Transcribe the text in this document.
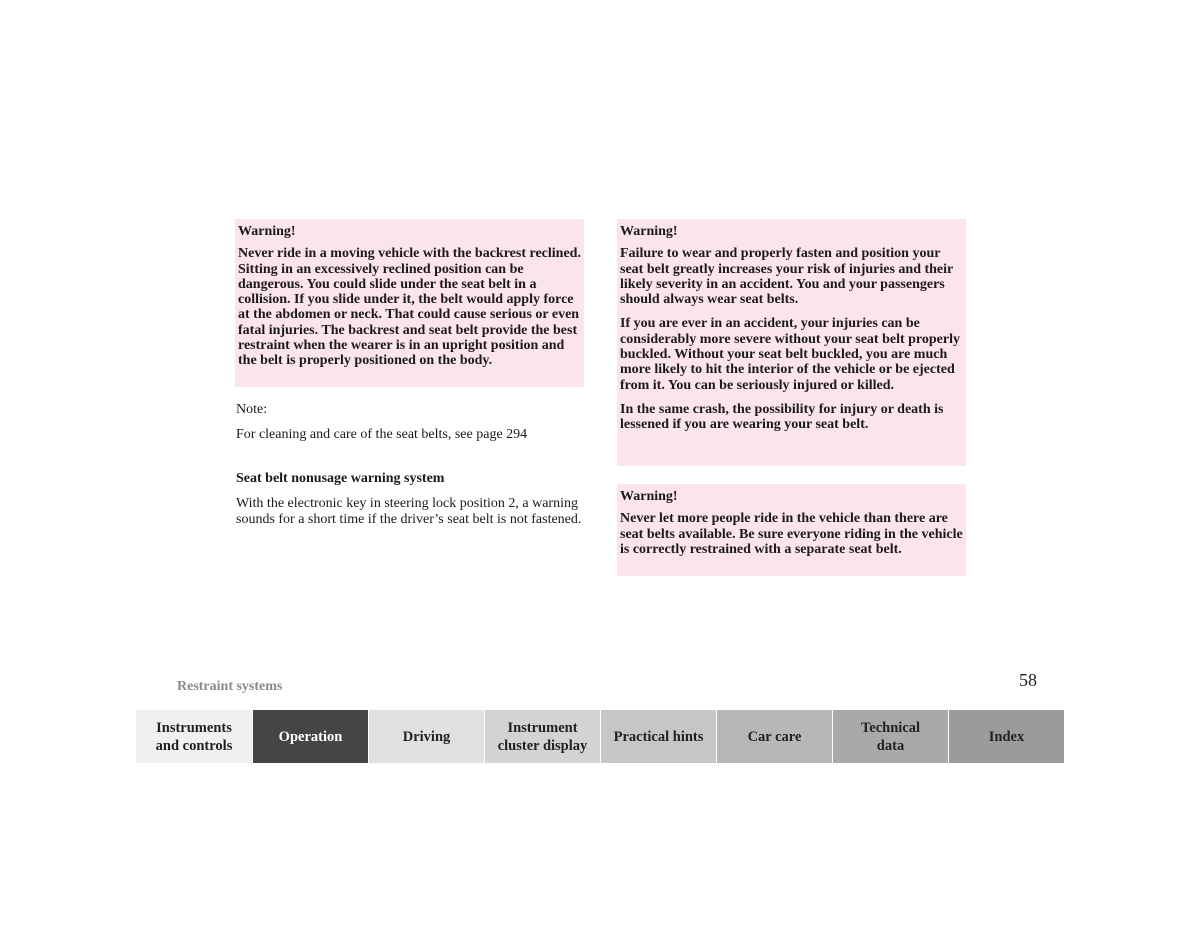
Warning!

Never ride in a moving vehicle with the backrest reclined. Sitting in an excessively reclined position can be dangerous. You could slide under the seat belt in a collision. If you slide under it, the belt would apply force at the abdomen or neck. That could cause serious or even fatal injuries. The backrest and seat belt provide the best restraint when the wearer is in an upright position and the belt is properly positioned on the body.

Note:

For cleaning and care of the seat belts, see page 294

Seat belt nonusage warning system

With the electronic key in steering lock position 2, a warning sounds for a short time if the driver’s seat belt is not fastened.

Warning!

Failure to wear and properly fasten and position your seat belt greatly increases your risk of injuries and their likely severity in an accident. You and your passengers should always wear seat belts.

If you are ever in an accident, your injuries can be considerably more severe without your seat belt properly buckled. Without your seat belt buckled, you are much more likely to hit the interior of the vehicle or be ejected from it. You can be seriously injured or killed.

In the same crash, the possibility for injury or death is lessened if you are wearing your seat belt.

Warning!

Never let more people ride in the vehicle than there are seat belts available. Be sure everyone riding in the vehicle is correctly restrained with a separate seat belt.

Restraint systems	58
Instruments
and controls
Operation	Driving
Instrument
cluster display
Practical hints	Car care
Technical
data
Index
